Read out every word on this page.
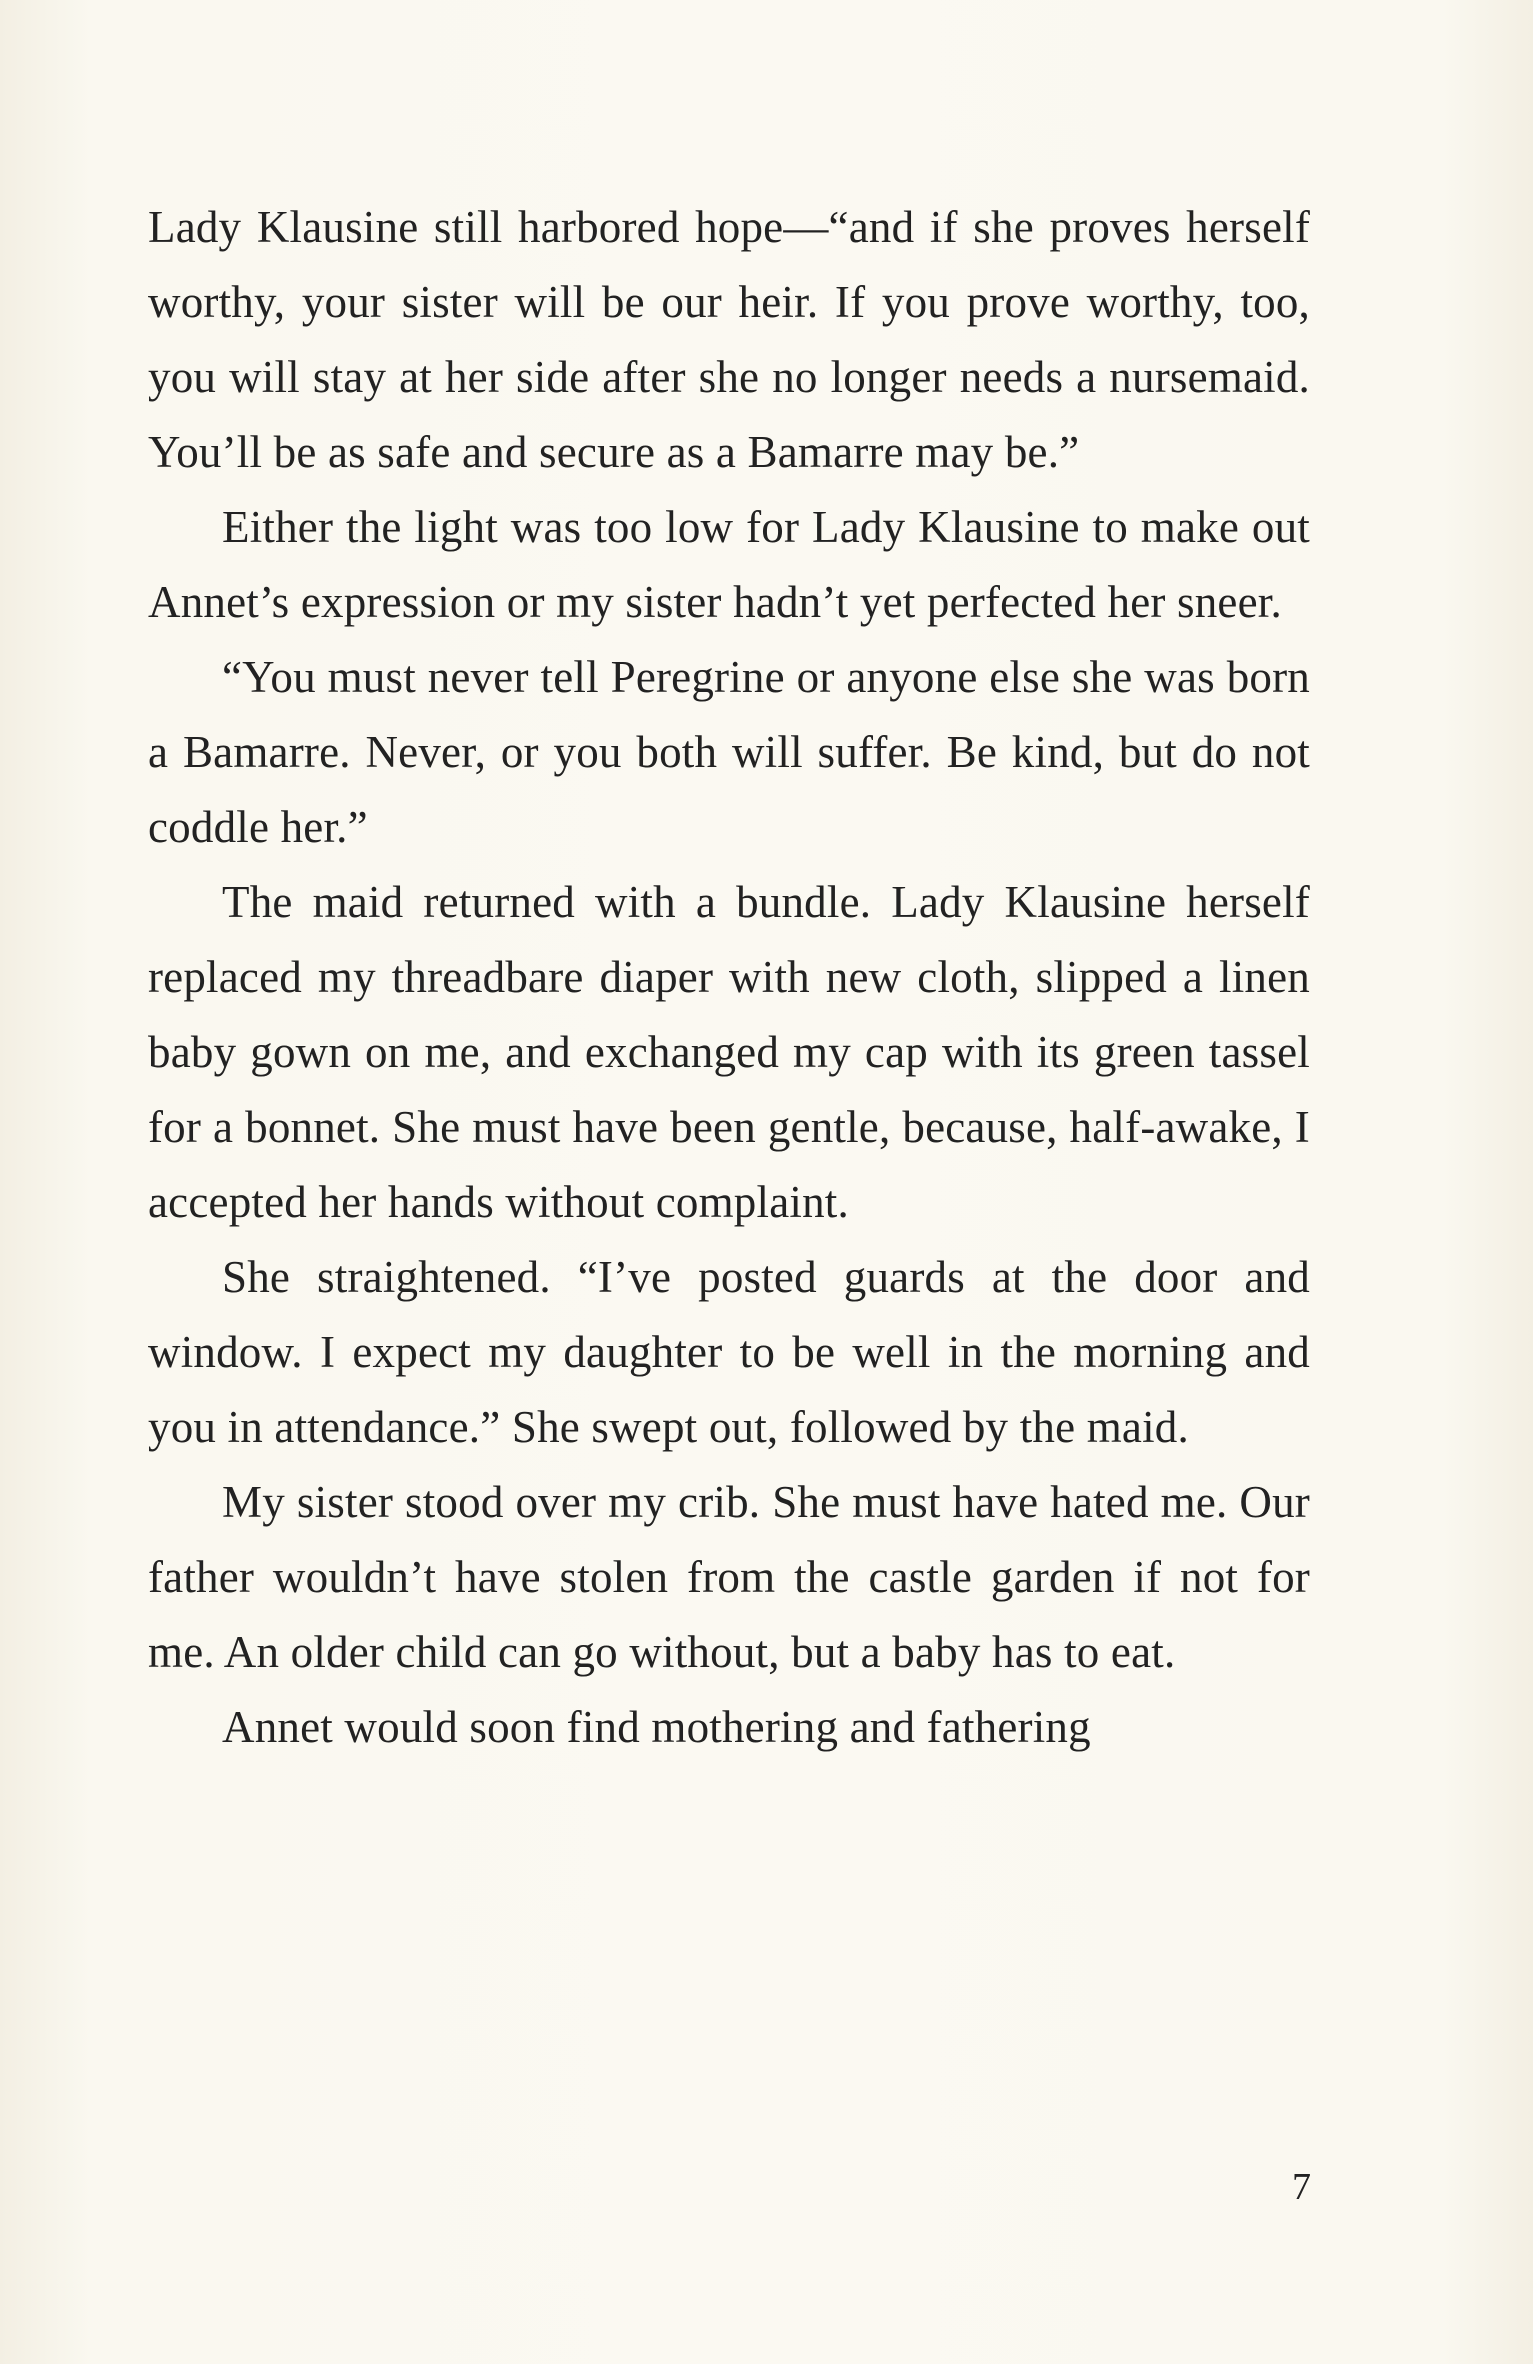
Lady Klausine still harbored hope—“and if she proves herself worthy, your sister will be our heir. If you prove worthy, too, you will stay at her side after she no longer needs a nursemaid. You’ll be as safe and secure as a Bamarre may be.”

Either the light was too low for Lady Klausine to make out Annet’s expression or my sister hadn’t yet perfected her sneer.

“You must never tell Peregrine or anyone else she was born a Bamarre. Never, or you both will suffer. Be kind, but do not coddle her.”

The maid returned with a bundle. Lady Klausine herself replaced my threadbare diaper with new cloth, slipped a linen baby gown on me, and exchanged my cap with its green tassel for a bonnet. She must have been gentle, because, half-awake, I accepted her hands without complaint.

She straightened. “I’ve posted guards at the door and window. I expect my daughter to be well in the morning and you in attendance.” She swept out, followed by the maid.

My sister stood over my crib. She must have hated me. Our father wouldn’t have stolen from the castle garden if not for me. An older child can go without, but a baby has to eat.

Annet would soon find mothering and fathering

7
